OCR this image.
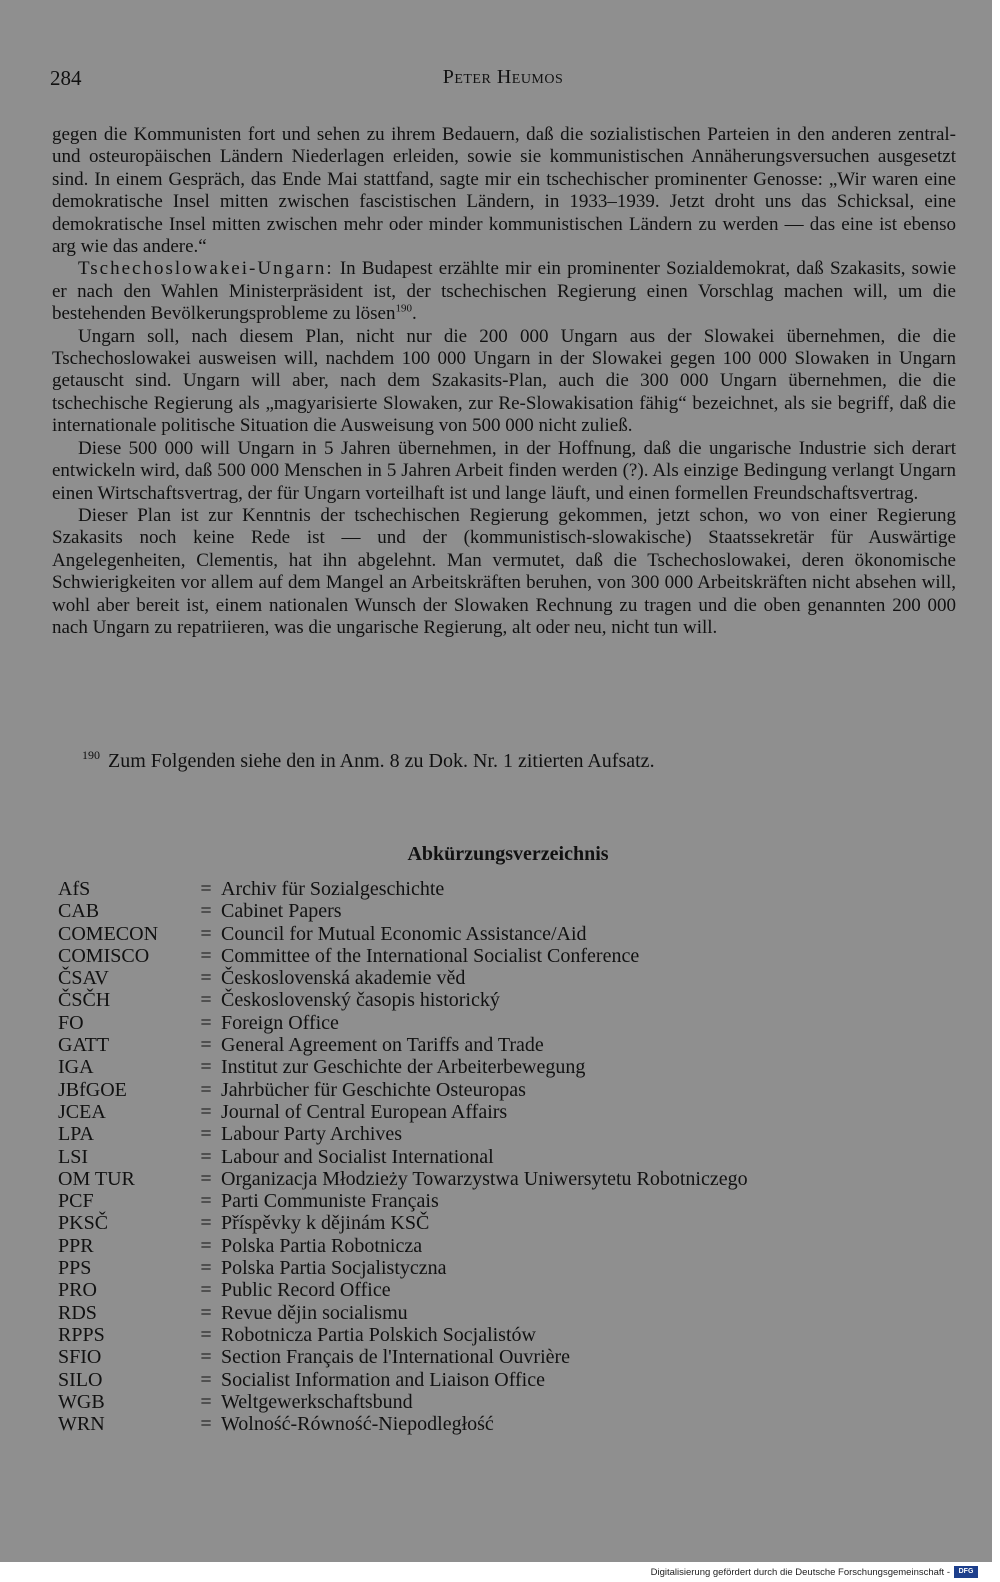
284	Peter Heumos

gegen die Kommunisten fort und sehen zu ihrem Bedauern, daß die sozialistischen Parteien in den anderen zentral- und osteuropäischen Ländern Niederlagen erleiden, sowie sie kommunistischen Annäherungsversuchen ausgesetzt sind. In einem Gespräch, das Ende Mai stattfand, sagte mir ein tschechischer prominenter Genosse: „Wir waren eine demokratische Insel mitten zwischen fascistischen Ländern, in 1933–1939. Jetzt droht uns das Schicksal, eine demokratische Insel mitten zwischen mehr oder minder kommunistischen Ländern zu werden — das eine ist ebenso arg wie das andere.“

Tschechoslowakei-Ungarn: In Budapest erzählte mir ein prominenter Sozialdemokrat, daß Szakasits, sowie er nach den Wahlen Ministerpräsident ist, der tschechischen Regierung einen Vorschlag machen will, um die bestehenden Bevölkerungsprobleme zu lösen$^{190}$.

Ungarn soll, nach diesem Plan, nicht nur die 200 000 Ungarn aus der Slowakei übernehmen, die die Tschechoslowakei ausweisen will, nachdem 100 000 Ungarn in der Slowakei gegen 100 000 Slowaken in Ungarn getauscht sind. Ungarn will aber, nach dem Szakasits-Plan, auch die 300 000 Ungarn übernehmen, die die tschechische Regierung als „magyarisierte Slowaken, zur Re-Slowakisation fähig“ bezeichnet, als sie begriff, daß die internationale politische Situation die Ausweisung von 500 000 nicht zuließ.

Diese 500 000 will Ungarn in 5 Jahren übernehmen, in der Hoffnung, daß die ungarische Industrie sich derart entwickeln wird, daß 500 000 Menschen in 5 Jahren Arbeit finden werden (?). Als einzige Bedingung verlangt Ungarn einen Wirtschaftsvertrag, der für Ungarn vorteilhaft ist und lange läuft, und einen formellen Freundschaftsvertrag.

Dieser Plan ist zur Kenntnis der tschechischen Regierung gekommen, jetzt schon, wo von einer Regierung Szakasits noch keine Rede ist — und der (kommunistisch-slowakische) Staatssekretär für Auswärtige Angelegenheiten, Clementis, hat ihn abgelehnt. Man vermutet, daß die Tschechoslowakei, deren ökonomische Schwierigkeiten vor allem auf dem Mangel an Arbeitskräften beruhen, von 300 000 Arbeitskräften nicht absehen will, wohl aber bereit ist, einem nationalen Wunsch der Slowaken Rechnung zu tragen und die oben genannten 200 000 nach Ungarn zu repatriieren, was die ungarische Regierung, alt oder neu, nicht tun will.

$^{190}$ Zum Folgenden siehe den in Anm. 8 zu Dok. Nr. 1 zitierten Aufsatz.
Abkürzungsverzeichnis
AfS	=	Archiv für Sozialgeschichte
CAB	=	Cabinet Papers
COMECON	=	Council for Mutual Economic Assistance/Aid
COMISCO	=	Committee of the International Socialist Conference
ČSAV	=	Československá akademie věd
ČSČH	=	Československý časopis historický
FO	=	Foreign Office
GATT	=	General Agreement on Tariffs and Trade
IGA	=	Institut zur Geschichte der Arbeiterbewegung
JBfGOE	=	Jahrbücher für Geschichte Osteuropas
JCEA	=	Journal of Central European Affairs
LPA	=	Labour Party Archives
LSI	=	Labour and Socialist International
OM TUR	=	Organizacja Młodzieży Towarzystwa Uniwersytetu Robotniczego
PCF	=	Parti Communiste Français
PKSČ	=	Příspěvky k dějinám KSČ
PPR	=	Polska Partia Robotnicza
PPS	=	Polska Partia Socjalistyczna
PRO	=	Public Record Office
RDS	=	Revue dějin socialismu
RPPS	=	Robotnicza Partia Polskich Socjalistów
SFIO	=	Section Français de l'International Ouvrière
SILO	=	Socialist Information and Liaison Office
WGB	=	Weltgewerkschaftsbund
WRN	=	Wolność-Równość-Niepodległość
Digitalisierung gefördert durch die Deutsche Forschungsgemeinschaft -	DFG
